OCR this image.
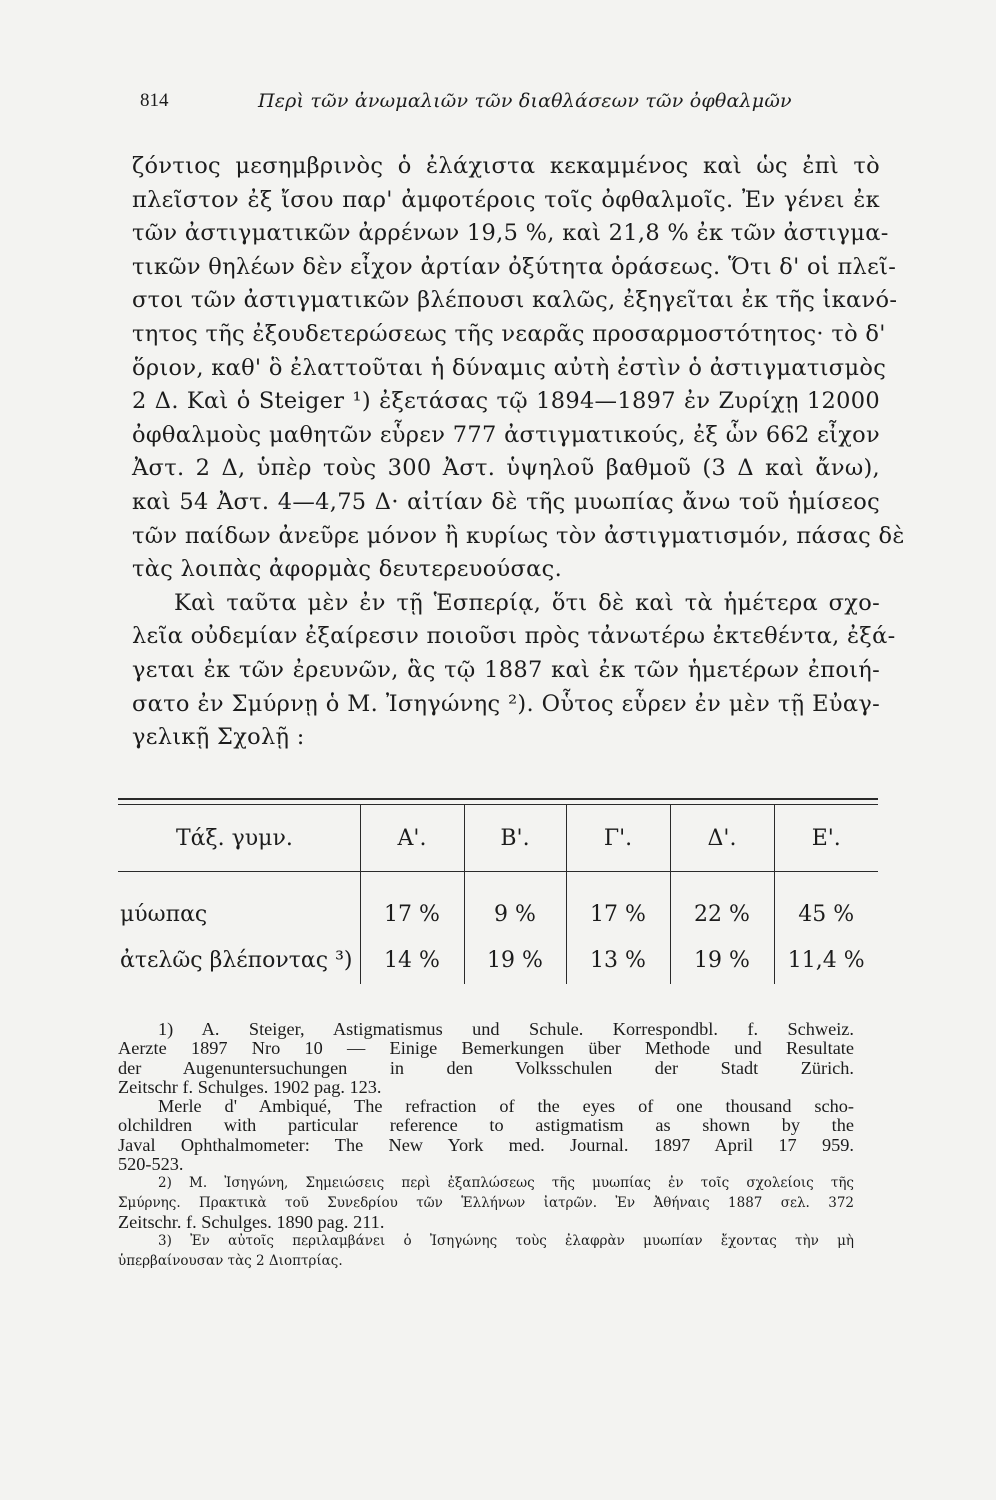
814	Περὶ τῶν ἀνωμαλιῶν τῶν διαθλάσεων τῶν ὀφθαλμῶν
ζόντιος μεσημβρινὸς ὁ ἐλάχιστα κεκαμμένος καὶ ὡς ἐπὶ τὸ
πλεῖστον ἐξ ἴσου παρ' ἀμφοτέροις τοῖς ὀφθαλμοῖς. Ἐν γένει ἐκ
τῶν ἀστιγματικῶν ἀρρένων 19,5 %, καὶ 21,8 % ἐκ τῶν ἀστιγμα-
τικῶν θηλέων δὲν εἶχον ἀρτίαν ὀξύτητα ὁράσεως. Ὅτι δ' οἱ πλεῖ-
στοι τῶν ἀστιγματικῶν βλέπουσι καλῶς, ἐξηγεῖται ἐκ τῆς ἱκανό-
τητος τῆς ἐξουδετερώσεως τῆς νεαρᾶς προσαρμοστότητος· τὸ δ'
ὅριον, καθ' ὃ ἐλαττοῦται ἡ δύναμις αὐτὴ ἐστὶν ὁ ἀστιγματισμὸς
2 Δ. Καὶ ὁ Steiger ¹) ἐξετάσας τῷ 1894—1897 ἐν Ζυρίχῃ 12000
ὀφθαλμοὺς μαθητῶν εὗρεν 777 ἀστιγματικούς, ἐξ ὧν 662 εἶχον
Ἀστ. 2 Δ, ὑπὲρ τοὺς 300 Ἀστ. ὑψηλοῦ βαθμοῦ (3 Δ καὶ ἄνω),
καὶ 54 Ἀστ. 4—4,75 Δ· αἰτίαν δὲ τῆς μυωπίας ἄνω τοῦ ἡμίσεος
τῶν παίδων ἀνεῦρε μόνον ἢ κυρίως τὸν ἀστιγματισμόν, πάσας δὲ
τὰς λοιπὰς ἀφορμὰς δευτερευούσας.
Καὶ ταῦτα μὲν ἐν τῇ Ἑσπερίᾳ, ὅτι δὲ καὶ τὰ ἡμέτερα σχο-
λεῖα οὐδεμίαν ἐξαίρεσιν ποιοῦσι πρὸς τἀνωτέρω ἐκτεθέντα, ἐξά-
γεται ἐκ τῶν ἐρευνῶν, ἃς τῷ 1887 καὶ ἐκ τῶν ἡμετέρων ἐποιή-
σατο ἐν Σμύρνῃ ὁ Μ. Ἰσηγώνης ²). Οὗτος εὗρεν ἐν μὲν τῇ Εὐαγ-
γελικῇ Σχολῇ :
Τάξ. γυμν.	Α'.	Β'.	Γ'.	Δ'.	Ε'.
μύωπας	17 %	9 %	17 %	22 %	45 %
ἀτελῶς βλέποντας ³)	14 %	19 %	13 %	19 %	11,4 %
1) A. Steiger, Astigmatismus und Schule. Korrespondbl. f. Schweiz.
Aerzte 1897 Nro 10 — Einige Bemerkungen über Methode und Resultate
der Augenuntersuchungen in den Volksschulen der Stadt Zürich.
Zeitschr f. Schulges. 1902 pag. 123.
Merle d' Ambiqué, The refraction of the eyes of one thousand scho-
olchildren with particular reference to astigmatism as shown by the
Javal Ophthalmometer: The New York med. Journal. 1897 April 17 959.
520-523.
2) Μ. Ἰσηγώνη, Σημειώσεις περὶ ἐξαπλώσεως τῆς μυωπίας ἐν τοῖς σχολείοις τῆς
Σμύρνης. Πρακτικὰ τοῦ Συνεδρίου τῶν Ἑλλήνων ἰατρῶν. Ἐν Ἀθήναις 1887 σελ. 372
Zeitschr. f. Schulges. 1890 pag. 211.
3) Ἐν αὐτοῖς περιλαμβάνει ὁ Ἰσηγώνης τοὺς ἐλαφρὰν μυωπίαν ἔχοντας τὴν μὴ
ὑπερβαίνουσαν τὰς 2 Διοπτρίας.
